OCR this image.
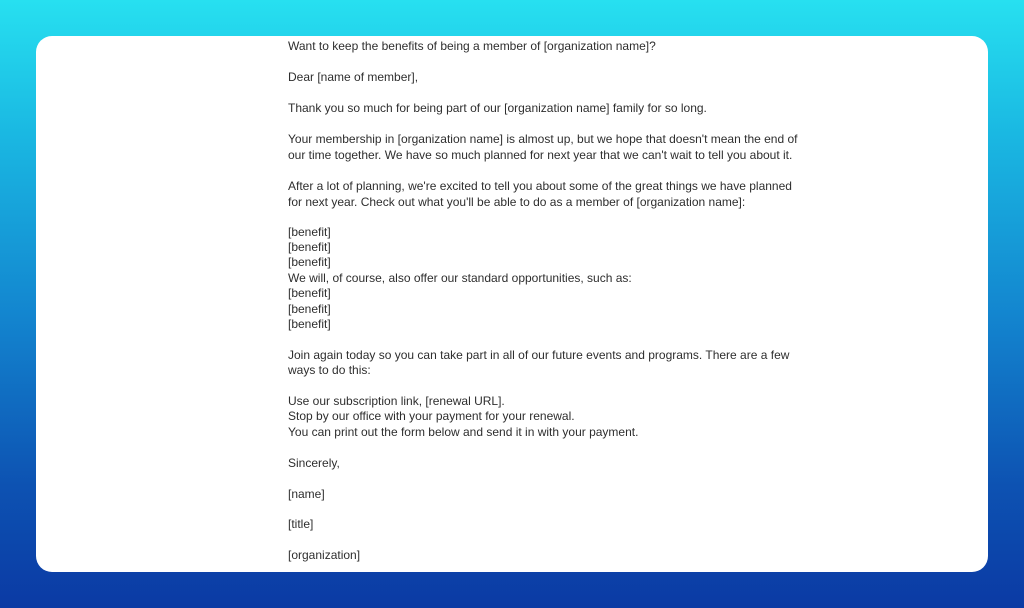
Want to keep the benefits of being a member of [organization name]?
Dear [name of member],
Thank you so much for being part of our [organization name] family for so long.
Your membership in [organization name] is almost up, but we hope that doesn't mean the end of
our time together. We have so much planned for next year that we can't wait to tell you about it.
After a lot of planning, we're excited to tell you about some of the great things we have planned
for next year. Check out what you'll be able to do as a member of [organization name]:
[benefit]
[benefit]
[benefit]
We will, of course, also offer our standard opportunities, such as:
[benefit]
[benefit]
[benefit]
Join again today so you can take part in all of our future events and programs. There are a few
ways to do this:
Use our subscription link, [renewal URL].
Stop by our office with your payment for your renewal.
You can print out the form below and send it in with your payment.
Sincerely,
[name]
[title]
[organization]
